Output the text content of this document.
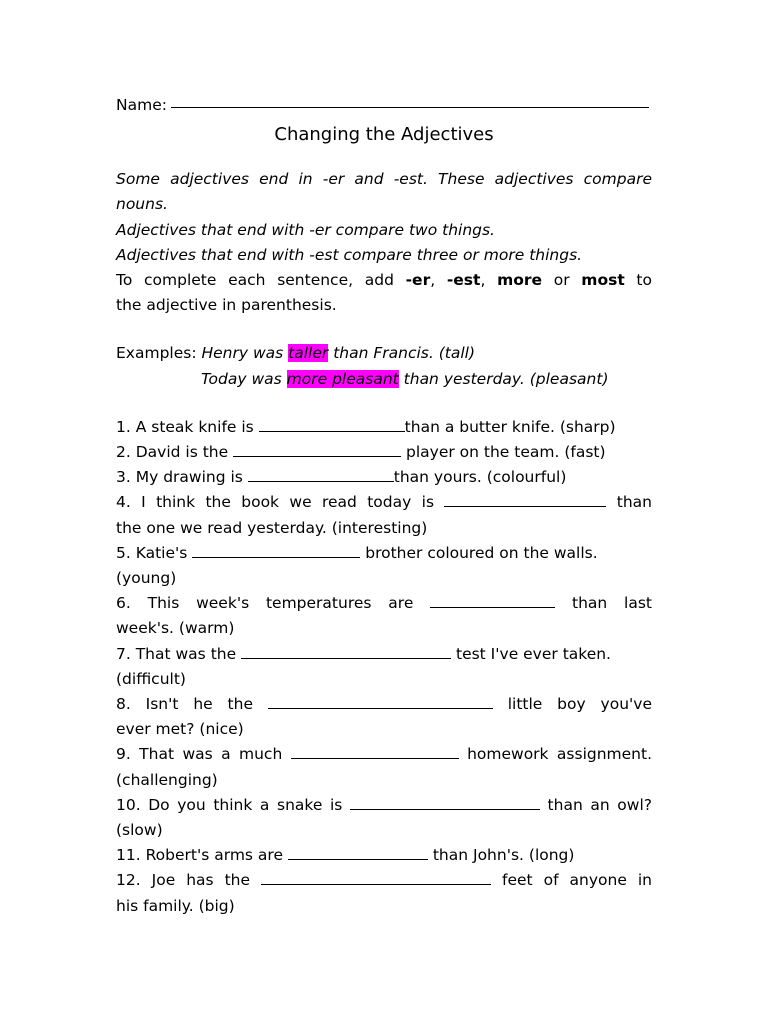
Name:
Changing the Adjectives
Some adjectives end in -er and -est. These adjectives compare
nouns.
Adjectives that end with -er compare two things.
Adjectives that end with -est compare three or more things.
To complete each sentence, add -er, -est, more or most to
the adjective in parenthesis.
Examples: Henry was taller than Francis. (tall)
Today was more pleasant than yesterday. (pleasant)
1. A steak knife is	than a butter knife. (sharp)
2. David is the	player on the team. (fast)
3. My drawing is	than yours. (colourful)
4. I think the book we read today is	than
the one we read yesterday. (interesting)
5. Katie's	brother coloured on the walls.
(young)
6. This week's temperatures are	than last
week's. (warm)
7. That was the	test I've ever taken.
(difficult)
8. Isn't he the	little boy you've
ever met? (nice)
9. That was a much	homework assignment.
(challenging)
10. Do you think a snake is	than an owl?
(slow)
11. Robert's arms are	than John's. (long)
12. Joe has the	feet of anyone in
his family. (big)
